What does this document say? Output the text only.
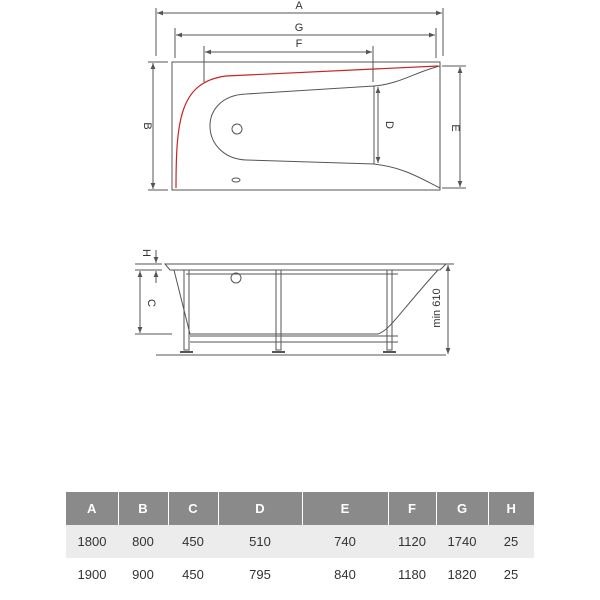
A
G
F
B	D	E
H
C	min 610
A	B	C	D	E	F	G	H
1800	800	450	510	740	1120	1740	25
1900	900	450	795	840	1180	1820	25
